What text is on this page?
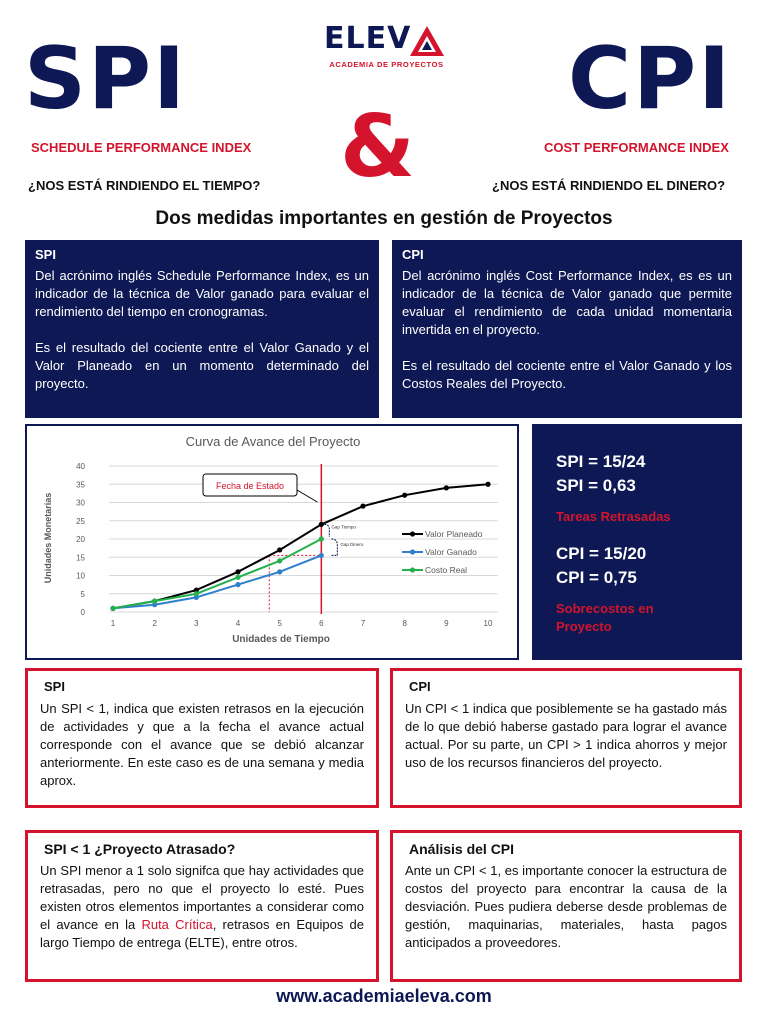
SPI	ELEV
ACADEMIA DE PROYECTOS CPI
&
SCHEDULE PERFORMANCE INDEX	COST PERFORMANCE INDEX
¿NOS ESTÁ RINDIENDO EL TIEMPO?	¿NOS ESTÁ RINDIENDO EL DINERO?
Dos medidas importantes en gestión de Proyectos
SPI

Del acrónimo inglés Schedule Performance Index, es un indicador de la técnica de Valor ganado para evaluar el rendimiento del tiempo en cronogramas.

Es el resultado del cociente entre el Valor Ganado y el Valor Planeado en un momento determinado del proyecto.

CPI

Del acrónimo inglés Cost Performance Index, es es un indicador de la técnica de Valor ganado que permite evaluar el rendimiento de cada unidad momentaria invertida en el proyecto.

Es el resultado del cociente entre el Valor Ganado y los Costos Reales del Proyecto.

Curva de Avance del Proyecto
0
5
10
15
20
25
30
35
40
1	2	3	4	5	6	7	8	9	10
Fecha de Estado
Gap Tiempo
Gap Dinero
Valor Planeado
Valor Ganado
Costo Real
Unidades de Tiempo
Unidades Monetarias
SPI = 15/24
SPI = 0,63
Tareas Retrasadas
CPI = 15/20
CPI = 0,75
Sobrecostos en Proyecto
SPI

Un SPI < 1, indica que existen retrasos en la ejecución de actividades y que a la fecha el avance actual corresponde con el avance que se debió alcanzar anteriormente. En este caso es de una semana y media aprox.

CPI

Un CPI < 1 indica que posiblemente se ha gastado más de lo que debió haberse gastado para lograr el avance actual. Por su parte, un CPI > 1 indica ahorros y mejor uso de los recursos financieros del proyecto.

SPI < 1 ¿Proyecto Atrasado?

Un SPI menor a 1 solo signifca que hay actividades que retrasadas, pero no que el proyecto lo esté. Pues existen otros elementos importantes a considerar como el avance en la Ruta Crítica, retrasos en Equipos de largo Tiempo de entrega (ELTE), entre otros.

Análisis del CPI

Ante un CPI < 1, es importante conocer la estructura de costos del proyecto para encontrar la causa de la desviación. Pues pudiera deberse desde problemas de gestión, maquinarias, materiales, hasta pagos anticipados a proveedores.

www.academiaeleva.com
